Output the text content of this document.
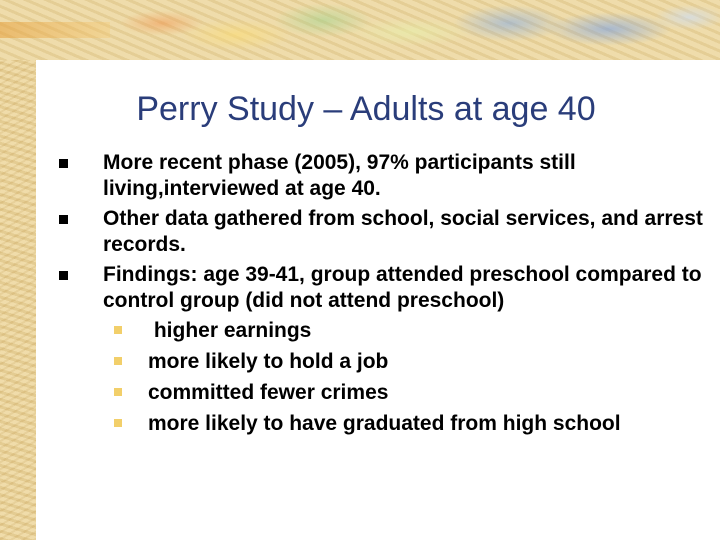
Perry Study – Adults at age 40
More recent phase (2005), 97% participants still living,interviewed at age 40.
Other data gathered from school, social services, and arrest records.
Findings: age 39-41, group attended preschool compared to control group (did not attend preschool)
higher earnings
more likely to hold a job
committed fewer crimes
more likely to have graduated from high school
